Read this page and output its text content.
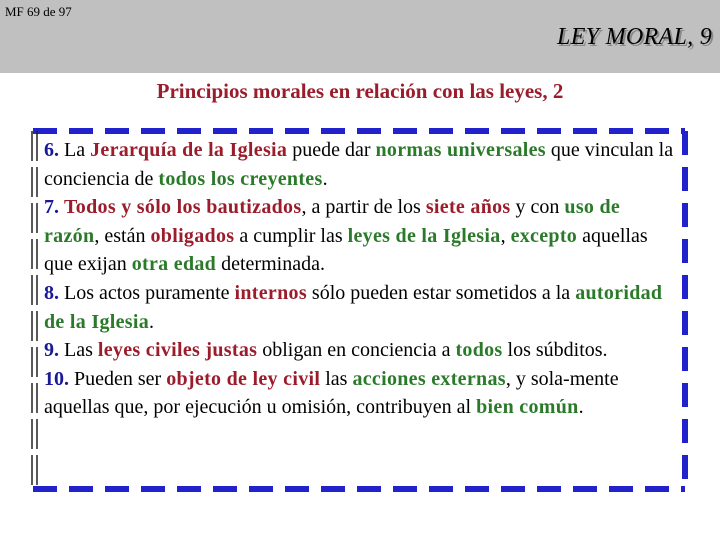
MF 69 de 97
LEY MORAL, 9
Principios morales en relación con las leyes, 2

6. La Jerarquía de la Iglesia puede dar normas universales que vinculan la conciencia de todos los creyentes.

7. Todos y sólo los bautizados, a partir de los siete años y con uso de razón, están obligados a cumplir las leyes de la Iglesia, excepto aquellas que exijan otra edad determinada.

8. Los actos puramente internos sólo pueden estar sometidos a la autoridad de la Iglesia.

9. Las leyes civiles justas obligan en conciencia a todos los súbditos.

10. Pueden ser objeto de ley civil las acciones externas, y sola-mente aquellas que, por ejecución u omisión, contribuyen al bien común.
